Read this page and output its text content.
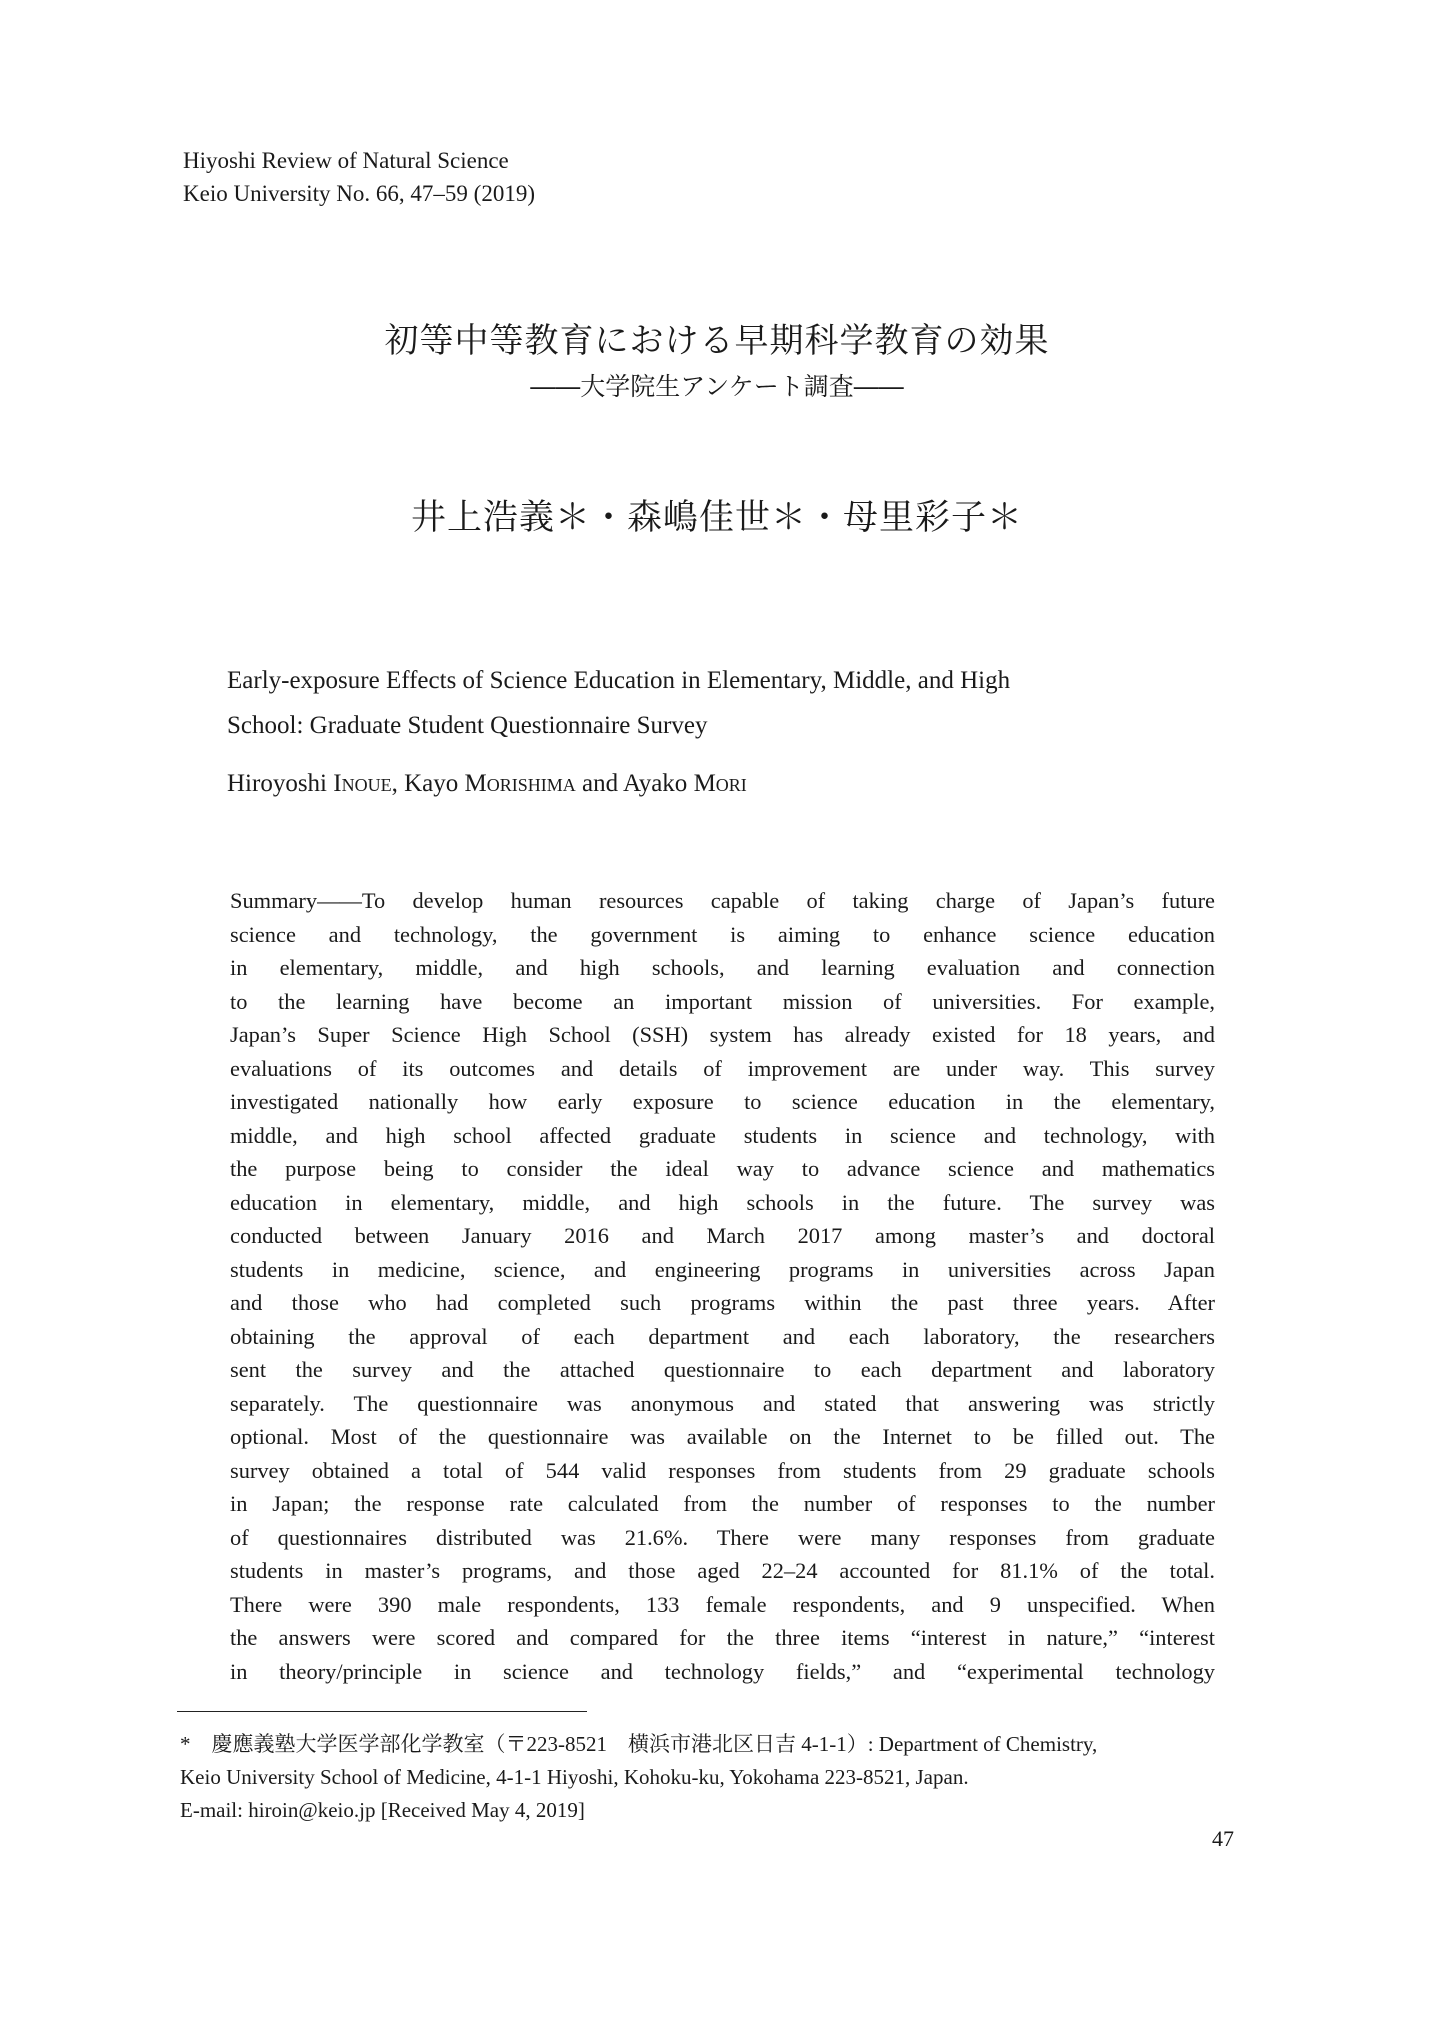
Hiyoshi Review of Natural Science
Keio University No. 66, 47–59 (2019)
初等中等教育における早期科学教育の効果
――大学院生アンケート調査――
井上浩義＊・森嶋佳世＊・母里彩子＊
Early-exposure Effects of Science Education in Elementary, Middle, and High
School: Graduate Student Questionnaire Survey
Hiroyoshi Inoue, Kayo Morishima and Ayako Mori
Summary――To develop human resources capable of taking charge of Japan’s future
science and technology, the government is aiming to enhance science education
in elementary, middle, and high schools, and learning evaluation and connection
to the learning have become an important mission of universities. For example,
Japan’s Super Science High School (SSH) system has already existed for 18 years, and
evaluations of its outcomes and details of improvement are under way. This survey
investigated nationally how early exposure to science education in the elementary,
middle, and high school affected graduate students in science and technology, with
the purpose being to consider the ideal way to advance science and mathematics
education in elementary, middle, and high schools in the future. The survey was
conducted between January 2016 and March 2017 among master’s and doctoral
students in medicine, science, and engineering programs in universities across Japan
and those who had completed such programs within the past three years. After
obtaining the approval of each department and each laboratory, the researchers
sent the survey and the attached questionnaire to each department and laboratory
separately. The questionnaire was anonymous and stated that answering was strictly
optional. Most of the questionnaire was available on the Internet to be filled out. The
survey obtained a total of 544 valid responses from students from 29 graduate schools
in Japan; the response rate calculated from the number of responses to the number
of questionnaires distributed was 21.6%. There were many responses from graduate
students in master’s programs, and those aged 22–24 accounted for 81.1% of the total.
There were 390 male respondents, 133 female respondents, and 9 unspecified. When
the answers were scored and compared for the three items “interest in nature,” “interest
in theory/principle in science and technology fields,” and “experimental technology
* 慶應義塾大学医学部化学教室（〒223-8521　横浜市港北区日吉 4-1-1）: Department of Chemistry,
Keio University School of Medicine, 4-1-1 Hiyoshi, Kohoku-ku, Yokohama 223-8521, Japan.
E-mail: hiroin@keio.jp [Received May 4, 2019]
47
